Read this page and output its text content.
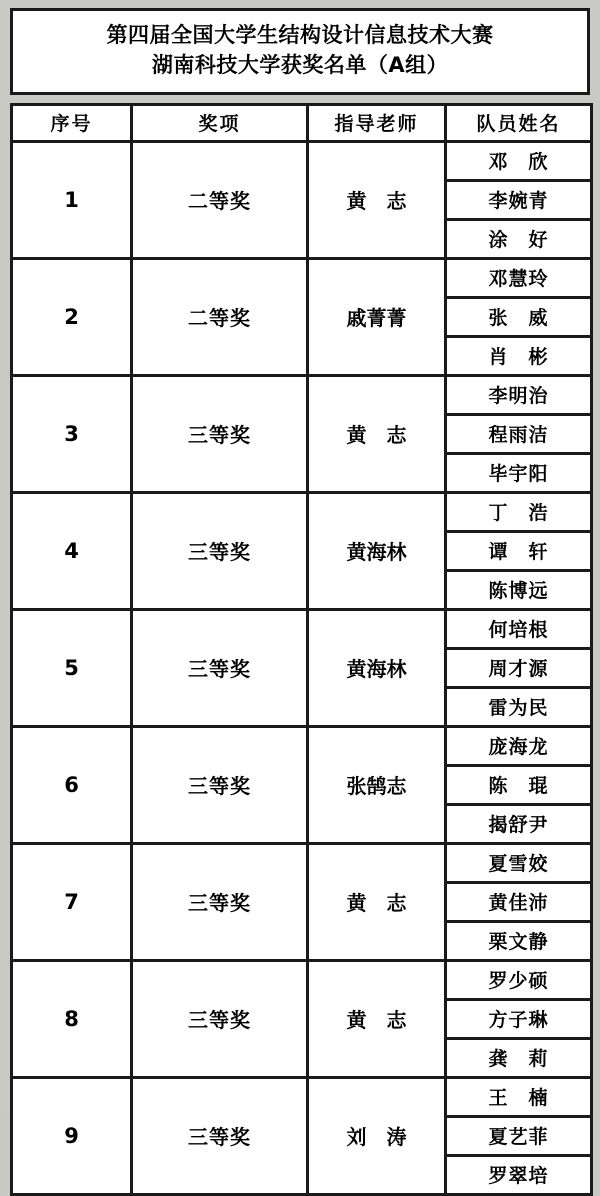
第四届全国大学生结构设计信息技术大赛
湖南科技大学获奖名单（A组）
序号	奖项	指导老师	队员姓名
1	二等奖	黄　志	邓　欣
			李婉青
			涂　好
2	二等奖	戚菁菁	邓慧玲
			张　威
			肖　彬
3	三等奖	黄　志	李明治
			程雨洁
			毕宇阳
4	三等奖	黄海林	丁　浩
			谭　轩
			陈博远
5	三等奖	黄海林	何培根
			周才源
			雷为民
6	三等奖	张鹄志	庞海龙
			陈　琨
			揭舒尹
7	三等奖	黄　志	夏雪姣
			黄佳沛
			栗文静
8	三等奖	黄　志	罗少硕
			方子琳
			龚　莉
9	三等奖	刘　涛	王　楠
			夏艺菲
			罗翠培
